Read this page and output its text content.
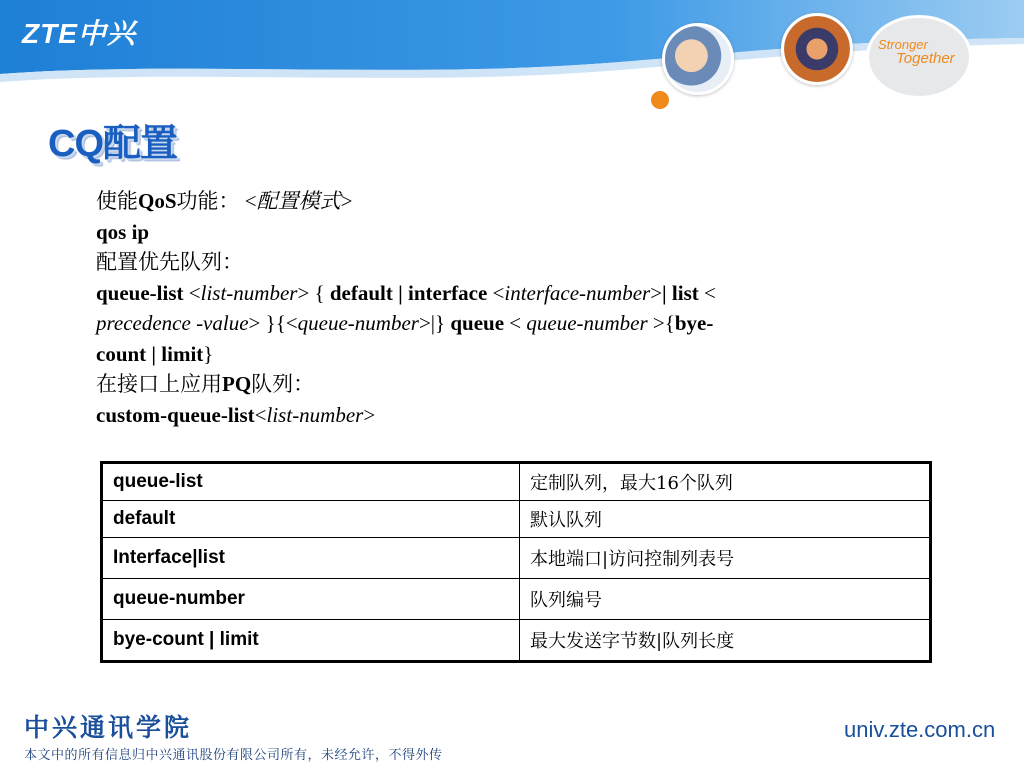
ZTE中兴	Stronger
Together
CQ配置
使能QoS功能： <配置模式>
qos ip
配置优先队列：
queue-list <list-number> { default | interface <interface-number>| list <
precedence -value> }{<queue-number>|} queue < queue-number >{bye-
count | limit}
在接口上应用PQ队列：
custom-queue-list<list-number>
queue-list	定制队列，最大16个队列
default	默认队列
Interface|list	本地端口|访问控制列表号
queue-number	队列编号
bye-count | limit	最大发送字节数|队列长度
中兴通讯学院
本文中的所有信息归中兴通讯股份有限公司所有，未经允许，不得外传
univ.zte.com.cn
